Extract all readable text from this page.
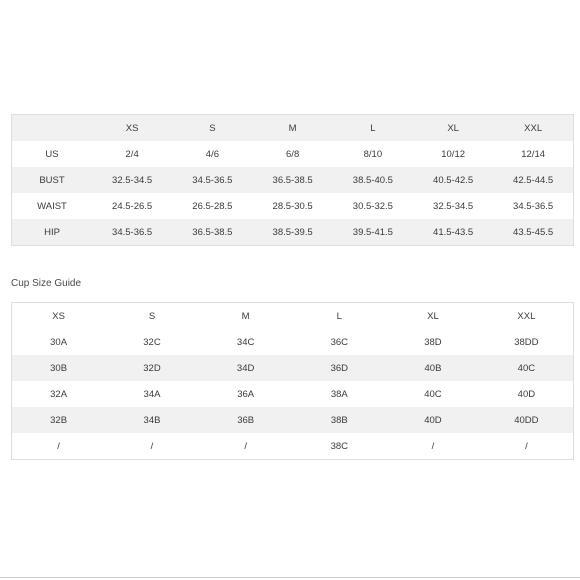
	XS	S	M	L	XL	XXL
US	2/4	4/6	6/8	8/10	10/12	12/14
BUST	32.5-34.5	34.5-36.5	36.5-38.5	38.5-40.5	40.5-42.5	42.5-44.5
WAIST	24.5-26.5	26.5-28.5	28.5-30.5	30.5-32.5	32.5-34.5	34.5-36.5
HIP	34.5-36.5	36.5-38.5	38.5-39.5	39.5-41.5	41.5-43.5	43.5-45.5
Cup Size Guide
XS	S	M	L	XL	XXL
30A	32C	34C	36C	38D	38DD
30B	32D	34D	36D	40B	40C
32A	34A	36A	38A	40C	40D
32B	34B	36B	38B	40D	40DD
/	/	/	38C	/	/
